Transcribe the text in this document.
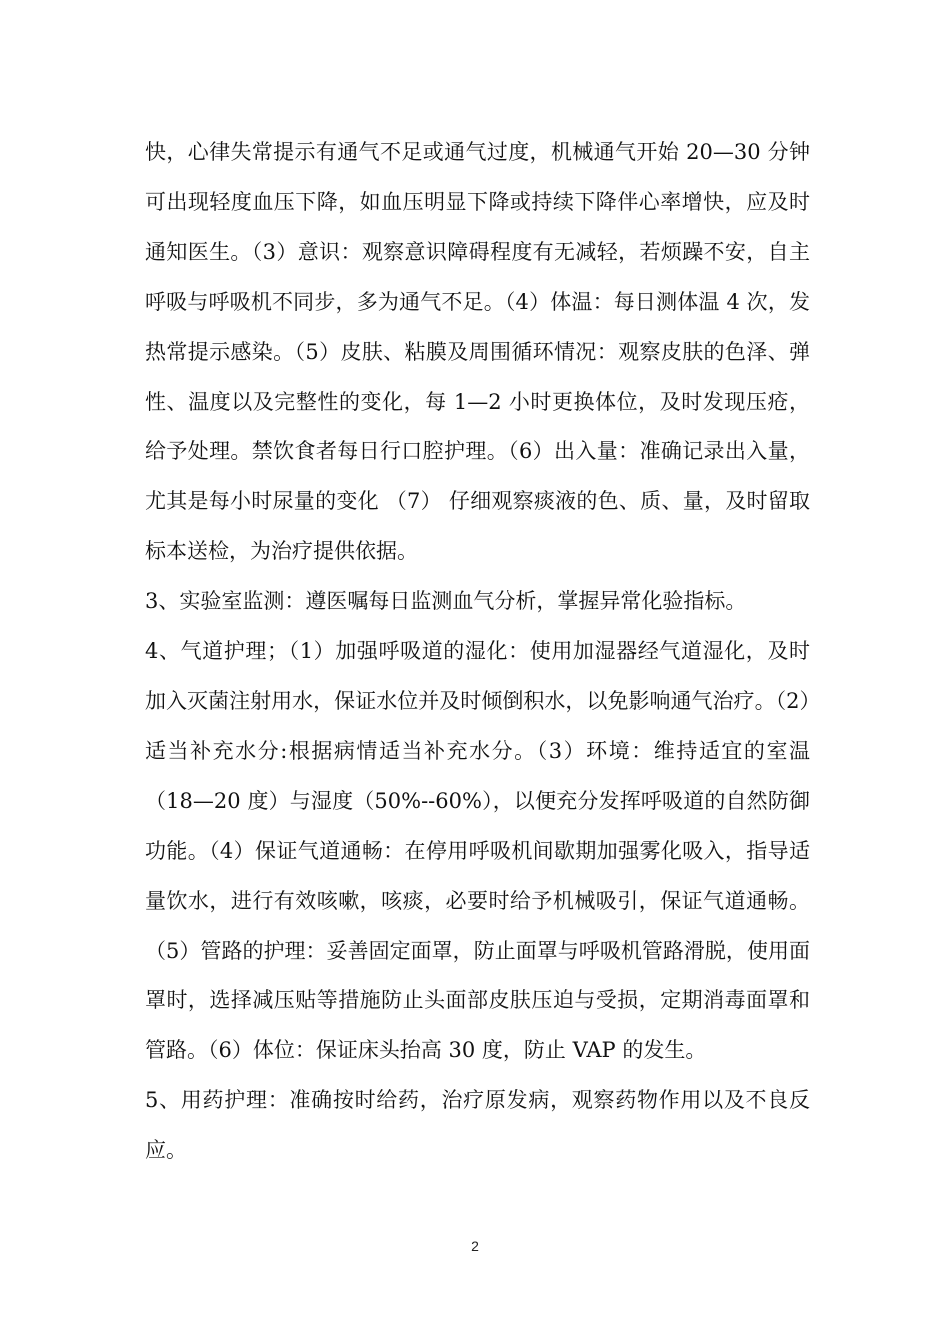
快，心律失常提示有通气不足或通气过度，机械通气开始 20—30 分钟可出现轻度血压下降，如血压明显下降或持续下降伴心率增快，应及时通知医生。（3）意识：观察意识障碍程度有无减轻，若烦躁不安，自主呼吸与呼吸机不同步，多为通气不足。（4）体温：每日测体温 4 次，发热常提示感染。（5）皮肤、粘膜及周围循环情况：观察皮肤的色泽、弹性、温度以及完整性的变化，每 1—2 小时更换体位，及时发现压疮，给予处理。禁饮食者每日行口腔护理。（6）出入量：准确记录出入量，尤其是每小时尿量的变化 （7） 仔细观察痰液的色、质、量，及时留取标本送检，为治疗提供依据。

3、实验室监测：遵医嘱每日监测血气分析，掌握异常化验指标。

4、气道护理；（1）加强呼吸道的湿化：使用加湿器经气道湿化，及时加入灭菌注射用水，保证水位并及时倾倒积水，以免影响通气治疗。（2）适当补充水分:根据病情适当补充水分。（3）环境：维持适宜的室温（18—20 度）与湿度（50%--60%），以便充分发挥呼吸道的自然防御功能。（4）保证气道通畅：在停用呼吸机间歇期加强雾化吸入，指导适量饮水，进行有效咳嗽，咳痰，必要时给予机械吸引，保证气道通畅。（5）管路的护理：妥善固定面罩，防止面罩与呼吸机管路滑脱，使用面罩时，选择减压贴等措施防止头面部皮肤压迫与受损，定期消毒面罩和管路。（6）体位：保证床头抬高 30 度，防止 VAP 的发生。

5、用药护理：准确按时给药，治疗原发病，观察药物作用以及不良反应。

2
